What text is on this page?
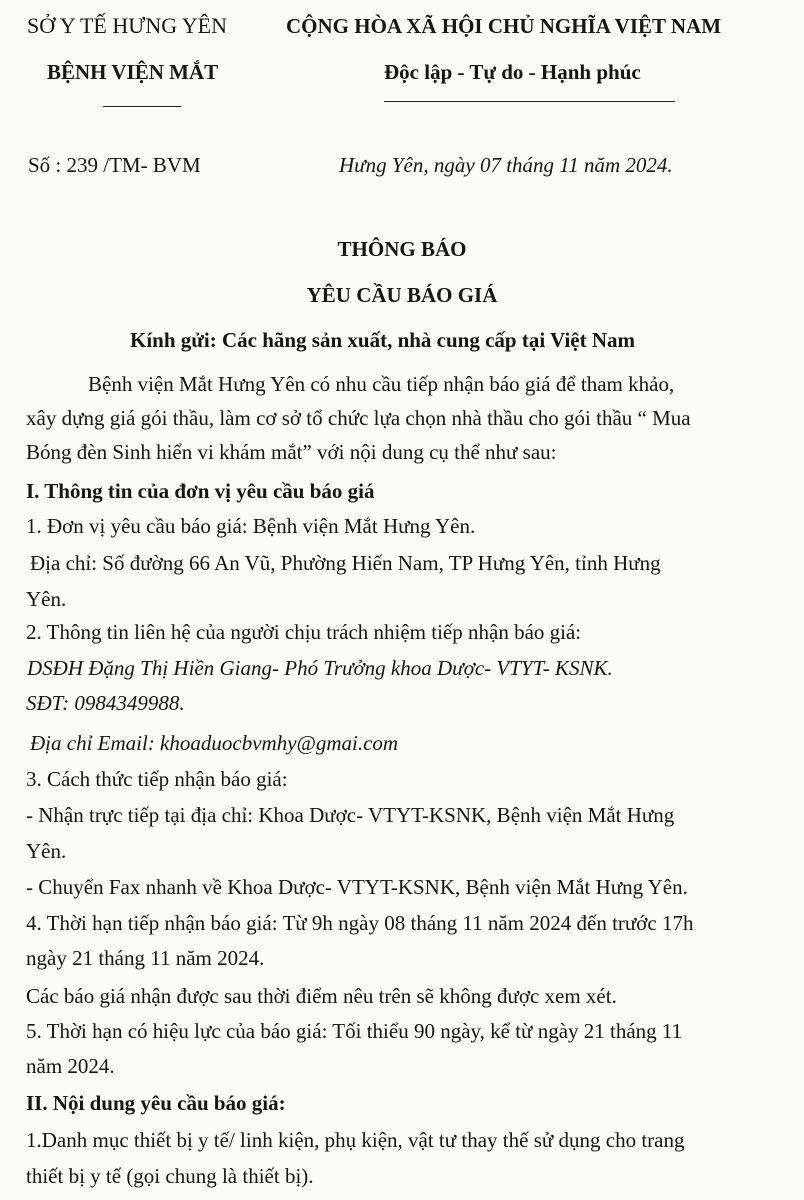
SỞ Y TẾ HƯNG YÊN
BỆNH VIỆN MẮT
CỘNG HÒA XÃ HỘI CHỦ NGHĨA VIỆT NAM
Độc lập - Tự do - Hạnh phúc
Số : 239 /TM- BVM	Hưng Yên, ngày 07 tháng 11 năm 2024.
THÔNG BÁO
YÊU CẦU BÁO GIÁ
Kính gửi: Các hãng sản xuất, nhà cung cấp tại Việt Nam
Bệnh viện Mắt Hưng Yên có nhu cầu tiếp nhận báo giá để tham khảo,
xây dựng giá gói thầu, làm cơ sở tổ chức lựa chọn nhà thầu cho gói thầu “ Mua
Bóng đèn Sinh hiển vi khám mắt” với nội dung cụ thể như sau:
I. Thông tin của đơn vị yêu cầu báo giá
1. Đơn vị yêu cầu báo giá: Bệnh viện Mắt Hưng Yên.
Địa chỉ: Số đường 66 An Vũ, Phường Hiến Nam, TP Hưng Yên, tỉnh Hưng
Yên.
2. Thông tin liên hệ của người chịu trách nhiệm tiếp nhận báo giá:
DSĐH Đặng Thị Hiền Giang- Phó Trưởng khoa Dược- VTYT- KSNK.
SĐT: 0984349988.
Địa chỉ Email: khoaduocbvmhy@gmai.com
3. Cách thức tiếp nhận báo giá:
- Nhận trực tiếp tại địa chỉ: Khoa Dược- VTYT-KSNK, Bệnh viện Mắt Hưng
Yên.
- Chuyển Fax nhanh về Khoa Dược- VTYT-KSNK, Bệnh viện Mắt Hưng Yên.
4. Thời hạn tiếp nhận báo giá: Từ 9h ngày 08 tháng 11 năm 2024 đến trước 17h
ngày 21 tháng 11 năm 2024.
Các báo giá nhận được sau thời điểm nêu trên sẽ không được xem xét.
5. Thời hạn có hiệu lực của báo giá: Tối thiểu 90 ngày, kể từ ngày 21 tháng 11
năm 2024.
II. Nội dung yêu cầu báo giá:
1.Danh mục thiết bị y tế/ linh kiện, phụ kiện, vật tư thay thế sử dụng cho trang
thiết bị y tế (gọi chung là thiết bị).
